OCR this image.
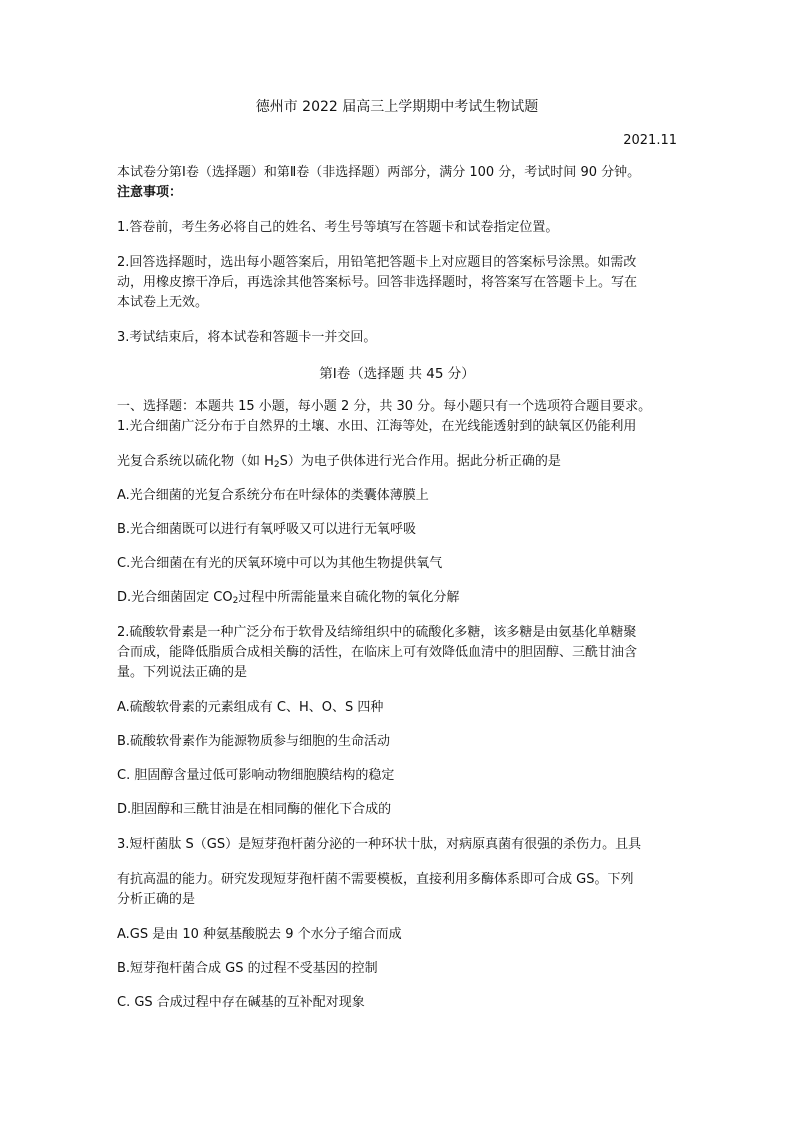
德州市 2022 届高三上学期期中考试生物试题
2021.11
本试卷分第Ⅰ卷（选择题）和第Ⅱ卷（非选择题）两部分，满分 100 分，考试时间 90 分钟。
注意事项：
1.答卷前，考生务必将自己的姓名、考生号等填写在答题卡和试卷指定位置。
2.回答选择题时，选出每小题答案后，用铅笔把答题卡上对应题目的答案标号涂黑。如需改
动，用橡皮擦干净后，再选涂其他答案标号。回答非选择题时，将答案写在答题卡上。写在
本试卷上无效。
3.考试结束后，将本试卷和答题卡一并交回。
第Ⅰ卷（选择题 共 45 分）
一、选择题：本题共 15 小题，每小题 2 分，共 30 分。每小题只有一个选项符合题目要求。
1.光合细菌广泛分布于自然界的土壤、水田、江海等处，在光线能透射到的缺氧区仍能利用
光复合系统以硫化物（如 $H_2S$）为电子供体进行光合作用。据此分析正确的是
A.光合细菌的光复合系统分布在叶绿体的类囊体薄膜上
B.光合细菌既可以进行有氧呼吸又可以进行无氧呼吸
C.光合细菌在有光的厌氧环境中可以为其他生物提供氧气
D.光合细菌固定 $CO_2$过程中所需能量来自硫化物的氧化分解
2.硫酸软骨素是一种广泛分布于软骨及结缔组织中的硫酸化多糖，该多糖是由氨基化单糖聚
合而成，能降低脂质合成相关酶的活性，在临床上可有效降低血清中的胆固醇、三酰甘油含
量。下列说法正确的是
A.硫酸软骨素的元素组成有 C、H、O、S 四种
B.硫酸软骨素作为能源物质参与细胞的生命活动
C. 胆固醇含量过低可影响动物细胞膜结构的稳定
D.胆固醇和三酰甘油是在相同酶的催化下合成的
3.短杆菌肽 S（GS）是短芽孢杆菌分泌的一种环状十肽，对病原真菌有很强的杀伤力。且具
有抗高温的能力。研究发现短芽孢杆菌不需要模板，直接利用多酶体系即可合成 GS。下列
分析正确的是
A.GS 是由 10 种氨基酸脱去 9 个水分子缩合而成
B.短芽孢杆菌合成 GS 的过程不受基因的控制
C. GS 合成过程中存在碱基的互补配对现象
